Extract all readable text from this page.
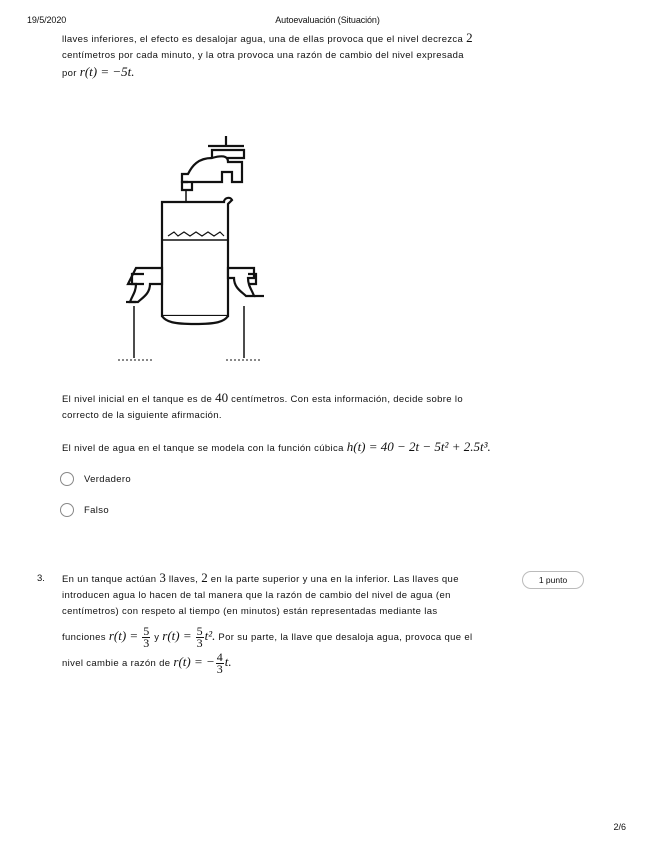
19/5/2020	Autoevaluación (Situación)
llaves inferiores, el efecto es desalojar agua, una de ellas provoca que el nivel decrezca 2
centímetros por cada minuto, y la otra provoca una razón de cambio del nivel expresada
por r(t) = −5t.
El nivel inicial en el tanque es de 40 centímetros. Con esta información, decide sobre lo
correcto de la siguiente afirmación.
El nivel de agua en el tanque se modela con la función cúbica h(t) = 40 − 2t − 5t² + 2.5t³.
Verdadero
Falso
3.	1 punto
En un tanque actúan 3 llaves, 2 en la parte superior y una en la inferior. Las llaves que
introducen agua lo hacen de tal manera que la razón de cambio del nivel de agua (en
centímetros) con respeto al tiempo (en minutos) están representadas mediante las
funciones $r(t) = \frac{5}{3}$ y $r(t) = \frac{5}{3} t^2$. Por su parte, la llave que desaloja agua, provoca que el
nivel cambie a razón de r(t) = − $\frac{4}{3} t$.
2/6
